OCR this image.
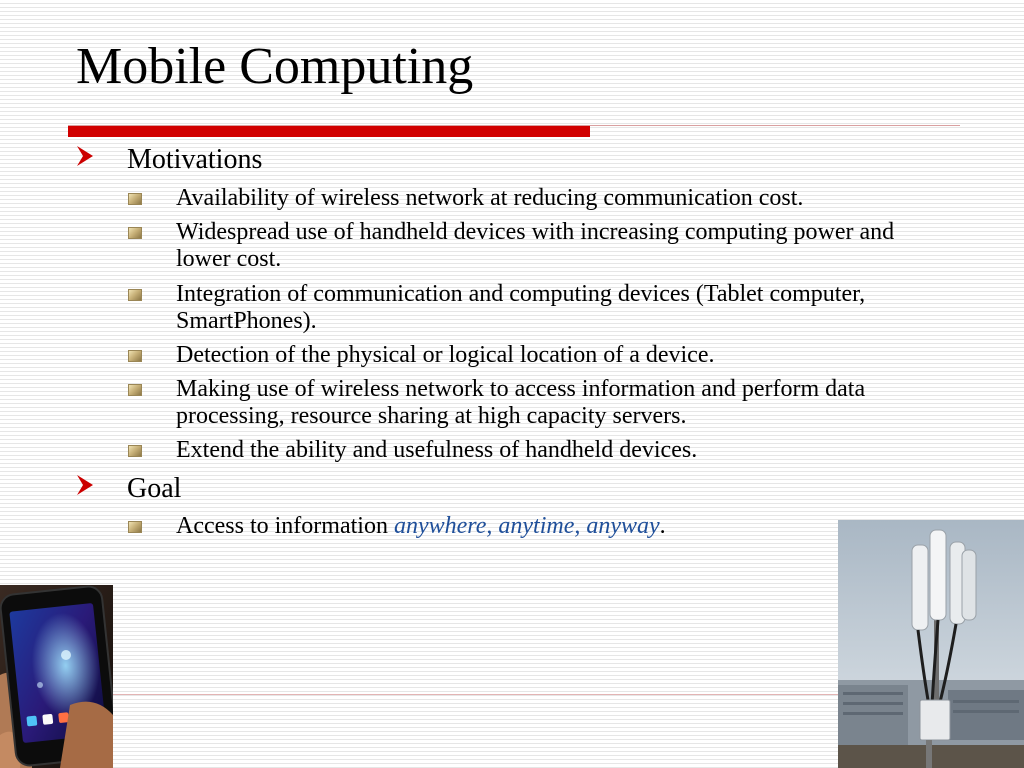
Mobile Computing
Motivations
Availability of wireless network at reducing communication cost.
Widespread use of handheld devices with increasing computing power and lower cost.
Integration of communication and computing devices (Tablet computer, SmartPhones).
Detection of the physical or logical location of a device.
Making use of wireless network to access information and perform data processing, resource sharing at high capacity servers.
Extend the ability and usefulness of handheld devices.
Goal
Access to information anywhere, anytime, anyway.
